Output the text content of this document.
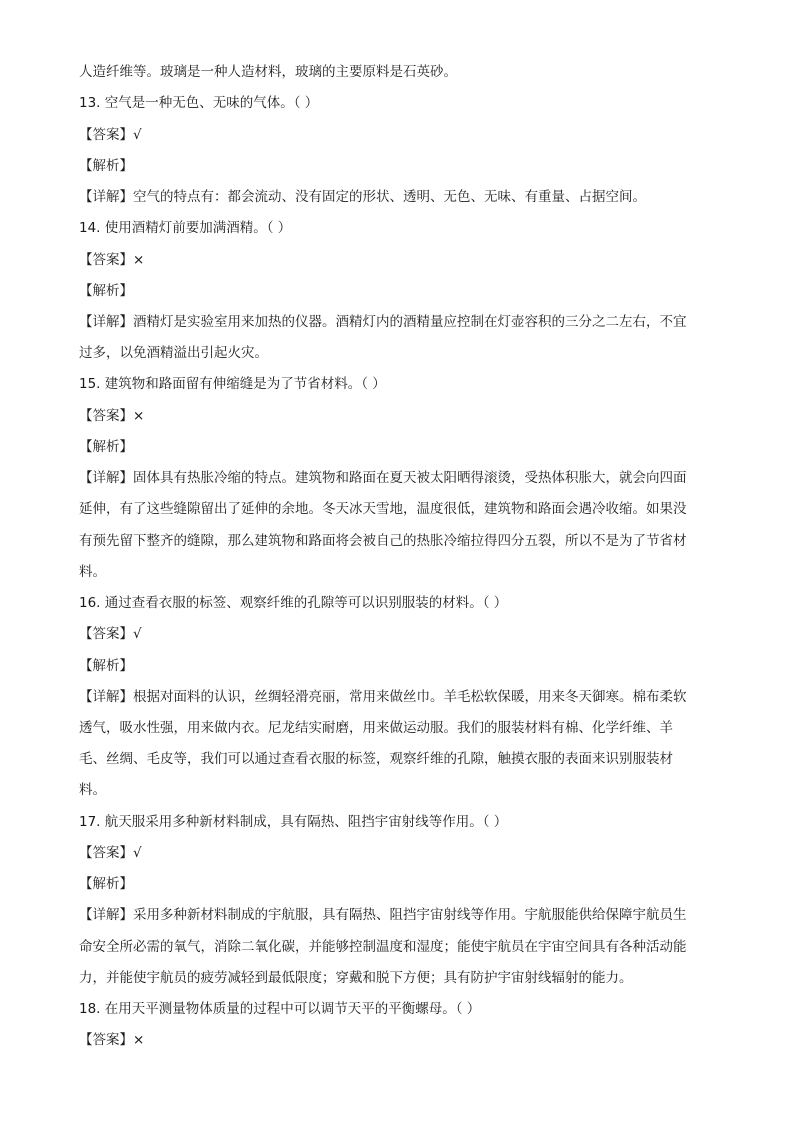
人造纤维等。玻璃是一种人造材料，玻璃的主要原料是石英砂。
13. 空气是一种无色、无味的气体。（ ）
【答案】√
【解析】
【详解】空气的特点有：都会流动、没有固定的形状、透明、无色、无味、有重量、占据空间。
14. 使用酒精灯前要加满酒精。（ ）
【答案】×
【解析】
【详解】酒精灯是实验室用来加热的仪器。酒精灯内的酒精量应控制在灯壶容积的三分之二左右，不宜
过多，以免酒精溢出引起火灾。
15. 建筑物和路面留有伸缩缝是为了节省材料。（ ）
【答案】×
【解析】
【详解】固体具有热胀冷缩的特点。建筑物和路面在夏天被太阳晒得滚烫，受热体积胀大，就会向四面
延伸，有了这些缝隙留出了延伸的余地。冬天冰天雪地，温度很低，建筑物和路面会遇冷收缩。如果没
有预先留下整齐的缝隙，那么建筑物和路面将会被自己的热胀冷缩拉得四分五裂，所以不是为了节省材
料。
16. 通过查看衣服的标签、观察纤维的孔隙等可以识别服装的材料。（ ）
【答案】√
【解析】
【详解】根据对面料的认识，丝绸轻滑亮丽，常用来做丝巾。羊毛松软保暖，用来冬天御寒。棉布柔软
透气，吸水性强，用来做内衣。尼龙结实耐磨，用来做运动服。我们的服装材料有棉、化学纤维、羊
毛、丝绸、毛皮等，我们可以通过查看衣服的标签，观察纤维的孔隙，触摸衣服的表面来识别服装材
料。
17. 航天服采用多种新材料制成，具有隔热、阻挡宇宙射线等作用。（ ）
【答案】√
【解析】
【详解】采用多种新材料制成的宇航服，具有隔热、阻挡宇宙射线等作用。宇航服能供给保障宇航员生
命安全所必需的氧气，消除二氧化碳，并能够控制温度和湿度；能使宇航员在宇宙空间具有各种活动能
力，并能使宇航员的疲劳减轻到最低限度；穿戴和脱下方便；具有防护宇宙射线辐射的能力。
18. 在用天平测量物体质量的过程中可以调节天平的平衡螺母。（ ）
【答案】×
